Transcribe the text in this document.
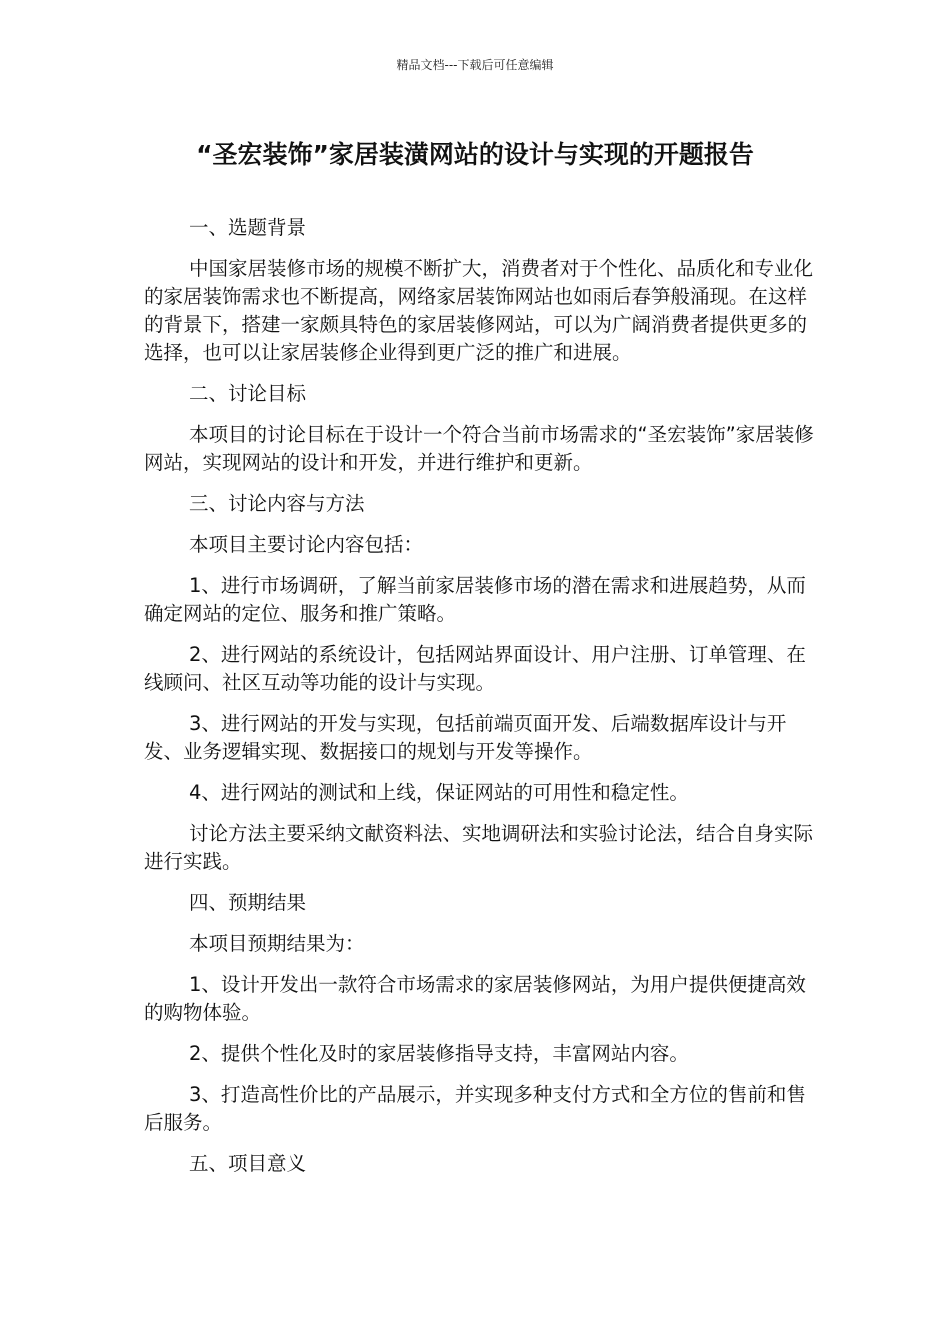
精品文档---下载后可任意编辑
“圣宏装饰”家居装潢网站的设计与实现的开题报告

一、选题背景

中国家居装修市场的规模不断扩大，消费者对于个性化、品质化和专业化的家居装饰需求也不断提高，网络家居装饰网站也如雨后春笋般涌现。在这样的背景下，搭建一家颇具特色的家居装修网站，可以为广阔消费者提供更多的选择，也可以让家居装修企业得到更广泛的推广和进展。

二、讨论目标

本项目的讨论目标在于设计一个符合当前市场需求的“圣宏装饰”家居装修网站，实现网站的设计和开发，并进行维护和更新。

三、讨论内容与方法

本项目主要讨论内容包括：

1、进行市场调研，了解当前家居装修市场的潜在需求和进展趋势，从而确定网站的定位、服务和推广策略。

2、进行网站的系统设计，包括网站界面设计、用户注册、订单管理、在线顾问、社区互动等功能的设计与实现。

3、进行网站的开发与实现，包括前端页面开发、后端数据库设计与开发、业务逻辑实现、数据接口的规划与开发等操作。

4、进行网站的测试和上线，保证网站的可用性和稳定性。

讨论方法主要采纳文献资料法、实地调研法和实验讨论法，结合自身实际进行实践。

四、预期结果

本项目预期结果为：

1、设计开发出一款符合市场需求的家居装修网站，为用户提供便捷高效的购物体验。

2、提供个性化及时的家居装修指导支持，丰富网站内容。

3、打造高性价比的产品展示，并实现多种支付方式和全方位的售前和售后服务。

五、项目意义
